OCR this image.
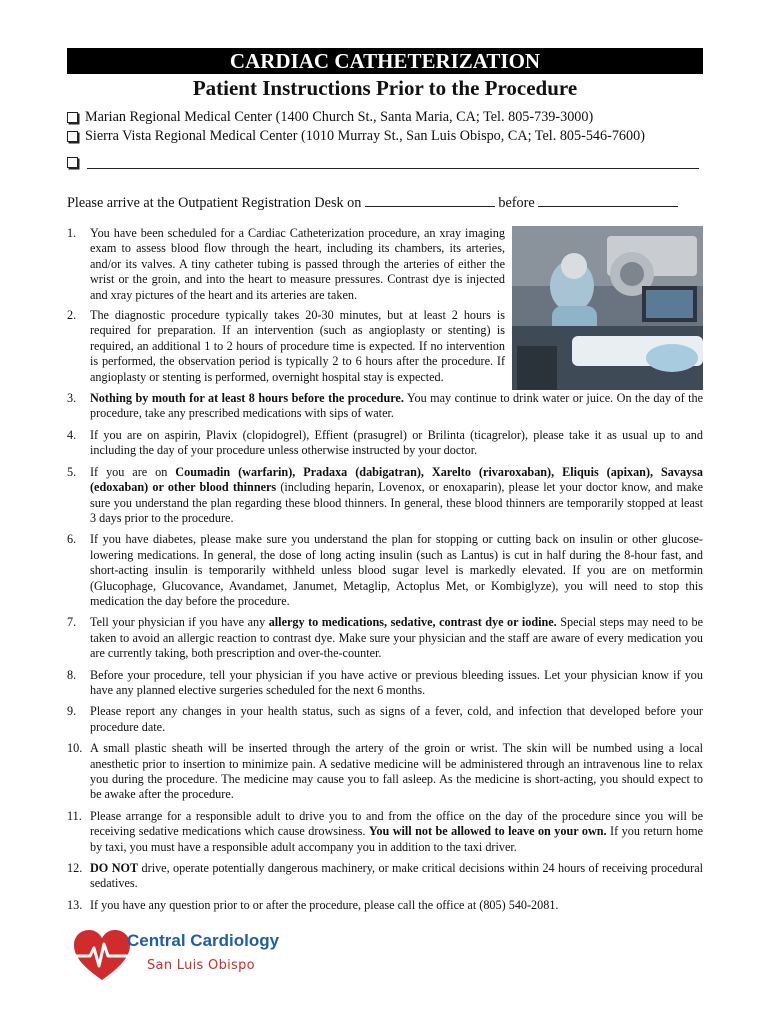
CARDIAC CATHETERIZATION
Patient Instructions Prior to the Procedure
Marian Regional Medical Center (1400 Church St., Santa Maria, CA; Tel. 805-739-3000)
Sierra Vista Regional Medical Center (1010 Murray St., San Luis Obispo, CA; Tel. 805-546-7600)
Please arrive at the Outpatient Registration Desk on	before
1. You have been scheduled for a Cardiac Catheterization procedure, an xray imaging exam to assess blood flow through the heart, including its chambers, its arteries, and/or its valves. A tiny catheter tubing is passed through the arteries of either the wrist or the groin, and into the heart to measure pressures. Contrast dye is injected and xray pictures of the heart and its arteries are taken.
2. The diagnostic procedure typically takes 20-30 minutes, but at least 2 hours is required for preparation. If an intervention (such as angioplasty or stenting) is required, an additional 1 to 2 hours of procedure time is expected. If no intervention is performed, the observation period is typically 2 to 6 hours after the procedure. If angioplasty or stenting is performed, overnight hospital stay is expected.
3. Nothing by mouth for at least 8 hours before the procedure. You may continue to drink water or juice. On the day of the procedure, take any prescribed medications with sips of water.
4. If you are on aspirin, Plavix (clopidogrel), Effient (prasugrel) or Brilinta (ticagrelor), please take it as usual up to and including the day of your procedure unless otherwise instructed by your doctor.
5. If you are on Coumadin (warfarin), Pradaxa (dabigatran), Xarelto (rivaroxaban), Eliquis (apixan), Savaysa (edoxaban) or other blood thinners (including heparin, Lovenox, or enoxaparin), please let your doctor know, and make sure you understand the plan regarding these blood thinners. In general, these blood thinners are temporarily stopped at least 3 days prior to the procedure.
6. If you have diabetes, please make sure you understand the plan for stopping or cutting back on insulin or other glucose-lowering medications. In general, the dose of long acting insulin (such as Lantus) is cut in half during the 8-hour fast, and short-acting insulin is temporarily withheld unless blood sugar level is markedly elevated. If you are on metformin (Glucophage, Glucovance, Avandamet, Janumet, Metaglip, Actoplus Met, or Kombiglyze), you will need to stop this medication the day before the procedure.
7. Tell your physician if you have any allergy to medications, sedative, contrast dye or iodine. Special steps may need to be taken to avoid an allergic reaction to contrast dye. Make sure your physician and the staff are aware of every medication you are currently taking, both prescription and over-the-counter.
8. Before your procedure, tell your physician if you have active or previous bleeding issues. Let your physician know if you have any planned elective surgeries scheduled for the next 6 months.
9. Please report any changes in your health status, such as signs of a fever, cold, and infection that developed before your procedure date.
10. A small plastic sheath will be inserted through the artery of the groin or wrist. The skin will be numbed using a local anesthetic prior to insertion to minimize pain. A sedative medicine will be administered through an intravenous line to relax you during the procedure. The medicine may cause you to fall asleep. As the medicine is short-acting, you should expect to be awake after the procedure.
11. Please arrange for a responsible adult to drive you to and from the office on the day of the procedure since you will be receiving sedative medications which cause drowsiness. You will not be allowed to leave on your own. If you return home by taxi, you must have a responsible adult accompany you in addition to the taxi driver.
12. DO NOT drive, operate potentially dangerous machinery, or make critical decisions within 24 hours of receiving procedural sedatives.
13. If you have any question prior to or after the procedure, please call the office at (805) 540-2081.
Central Cardiology
San Luis Obispo
